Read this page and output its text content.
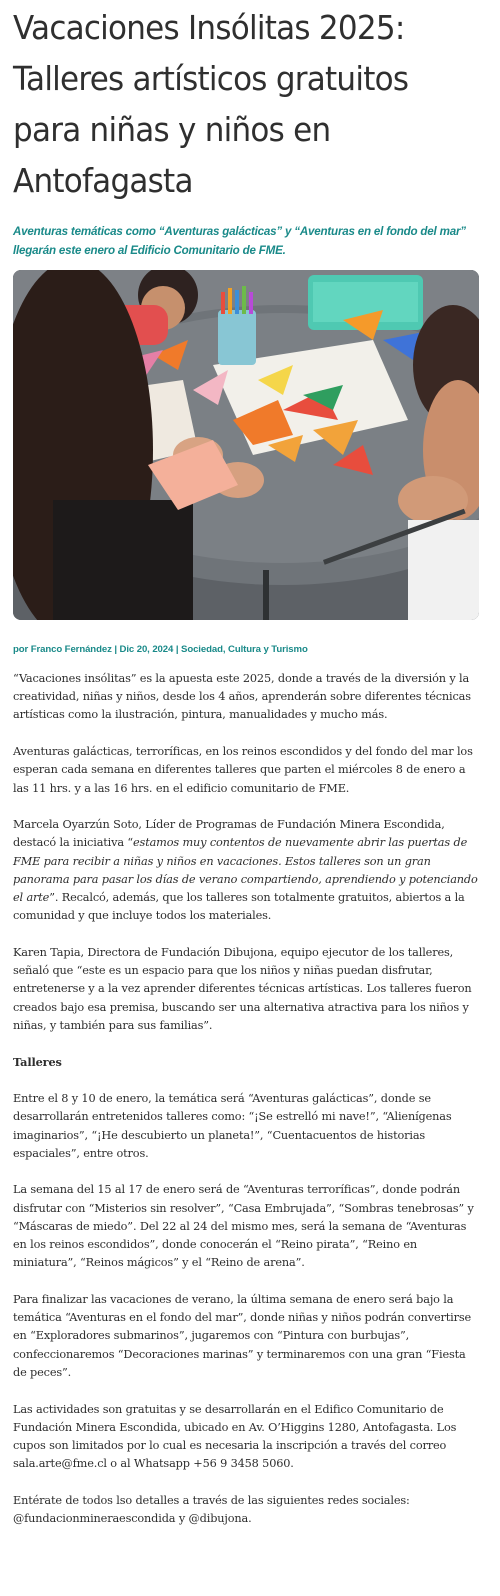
Vacaciones Insólitas 2025: Talleres artísticos gratuitos para niñas y niños en Antofagasta
Aventuras temáticas como “Aventuras galácticas” y “Aventuras en el fondo del mar” llegarán este enero al Edificio Comunitario de FME.
por Franco Fernández | Dic 20, 2024 | Sociedad, Cultura y Turismo

“Vacaciones insólitas” es la apuesta este 2025, donde a través de la diversión y la creatividad, niñas y niños, desde los 4 años, aprenderán sobre diferentes técnicas artísticas como la ilustración, pintura, manualidades y mucho más.

Aventuras galácticas, terroríficas, en los reinos escondidos y del fondo del mar los esperan cada semana en diferentes talleres que parten el miércoles 8 de enero a las 11 hrs. y a las 16 hrs. en el edificio comunitario de FME.

Marcela Oyarzún Soto, Líder de Programas de Fundación Minera Escondida, destacó la iniciativa “estamos muy contentos de nuevamente abrir las puertas de FME para recibir a niñas y niños en vacaciones. Estos talleres son un gran panorama para pasar los días de verano compartiendo, aprendiendo y potenciando el arte”. Recalcó, además, que los talleres son totalmente gratuitos, abiertos a la comunidad y que incluye todos los materiales.

Karen Tapia, Directora de Fundación Dibujona, equipo ejecutor de los talleres, señaló que “este es un espacio para que los niños y niñas puedan disfrutar, entretenerse y a la vez aprender diferentes técnicas artísticas. Los talleres fueron creados bajo esa premisa, buscando ser una alternativa atractiva para los niños y niñas, y también para sus familias”.

Talleres

Entre el 8 y 10 de enero, la temática será “Aventuras galácticas”, donde se desarrollarán entretenidos talleres como: “¡Se estrelló mi nave!”, “Alienígenas imaginarios”, “¡He descubierto un planeta!”, “Cuentacuentos de historias espaciales”, entre otros.

La semana del 15 al 17 de enero será de “Aventuras terroríficas”, donde podrán disfrutar con “Misterios sin resolver”, “Casa Embrujada”, “Sombras tenebrosas” y “Máscaras de miedo”. Del 22 al 24 del mismo mes, será la semana de “Aventuras en los reinos escondidos”, donde conocerán el “Reino pirata”, “Reino en miniatura”, “Reinos mágicos” y el “Reino de arena”.

Para finalizar las vacaciones de verano, la última semana de enero será bajo la temática “Aventuras en el fondo del mar”, donde niñas y niños podrán convertirse en “Exploradores submarinos”, jugaremos con “Pintura con burbujas”, confeccionaremos “Decoraciones marinas” y terminaremos con una gran “Fiesta de peces”.

Las actividades son gratuitas y se desarrollarán en el Edifico Comunitario de Fundación Minera Escondida, ubicado en Av. O’Higgins 1280, Antofagasta. Los cupos son limitados por lo cual es necesaria la inscripción a través del correo sala.arte@fme.cl o al Whatsapp +56 9 3458 5060.

Entérate de todos lso detalles a través de las siguientes redes sociales: @fundacionmineraescondida y @dibujona.
